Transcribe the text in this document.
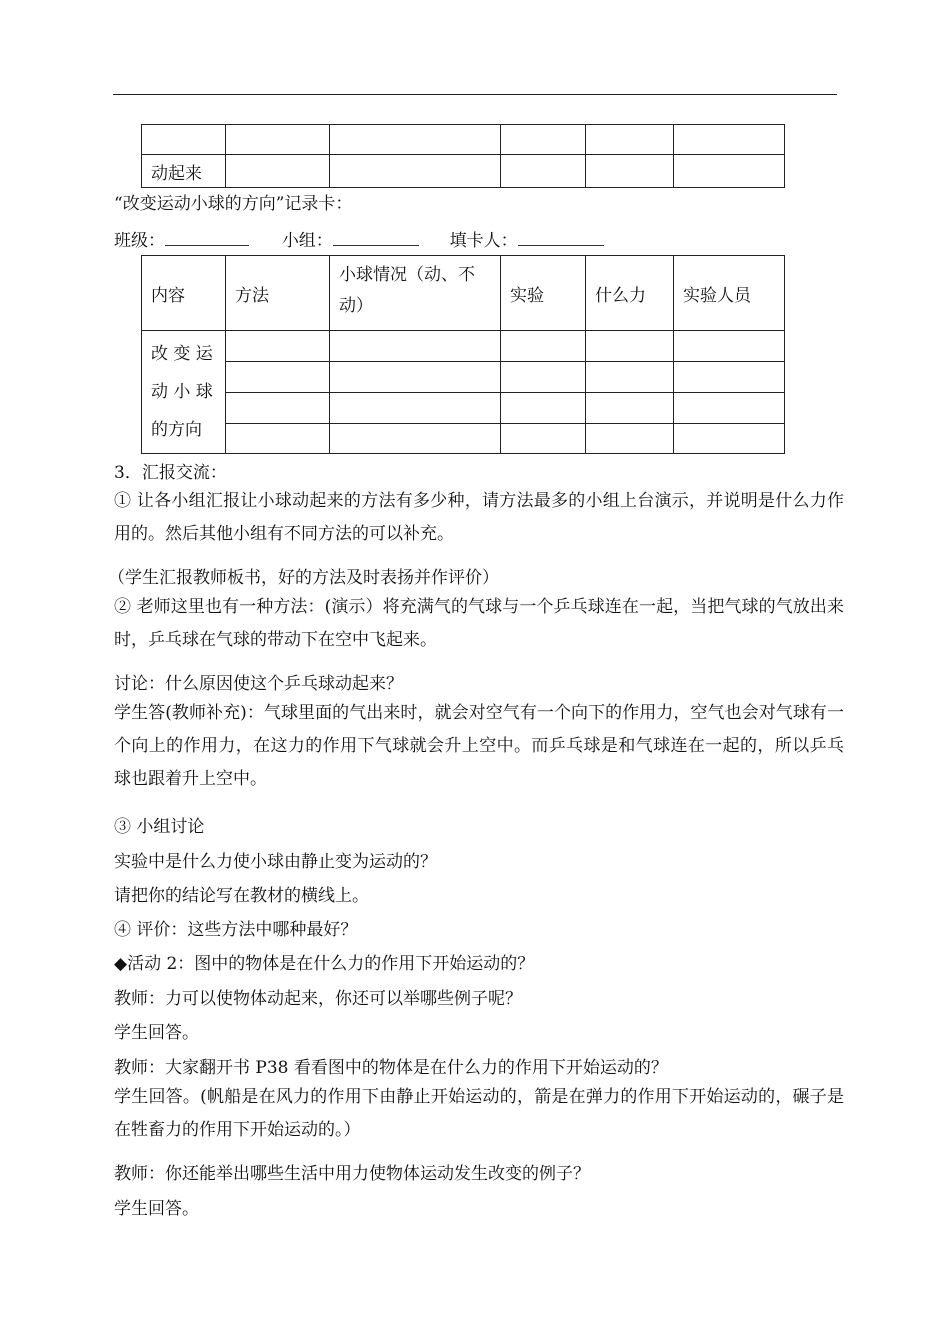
动起来					
“改变运动小球的方向”记录卡：
班级：	小组：	填卡人：
内容	方法	小球情况（动、不动）	实验	什么力	实验人员

改 变 运
动 小 球
的方向					

3．汇报交流：
① 让各小组汇报让小球动起来的方法有多少种，请方法最多的小组上台演示，并说明是什么力作用的。然后其他小组有不同方法的可以补充。
（学生汇报教师板书，好的方法及时表扬并作评价）
② 老师这里也有一种方法：(演示）将充满气的气球与一个乒乓球连在一起，当把气球的气放出来时，乒乓球在气球的带动下在空中飞起来。
讨论：什么原因使这个乒乓球动起来？
学生答(教师补充)：气球里面的气出来时，就会对空气有一个向下的作用力，空气也会对气球有一个向上的作用力，在这力的作用下气球就会升上空中。而乒乓球是和气球连在一起的，所以乒乓球也跟着升上空中。
③ 小组讨论
实验中是什么力使小球由静止变为运动的？
请把你的结论写在教材的横线上。
④ 评价：这些方法中哪种最好？
◆活动 2：图中的物体是在什么力的作用下开始运动的？
教师：力可以使物体动起来，你还可以举哪些例子呢？
学生回答。
教师：大家翻开书 P38 看看图中的物体是在什么力的作用下开始运动的？
学生回答。(帆船是在风力的作用下由静止开始运动的，箭是在弹力的作用下开始运动的，碾子是在牲畜力的作用下开始运动的。）
教师：你还能举出哪些生活中用力使物体运动发生改变的例子？
学生回答。
